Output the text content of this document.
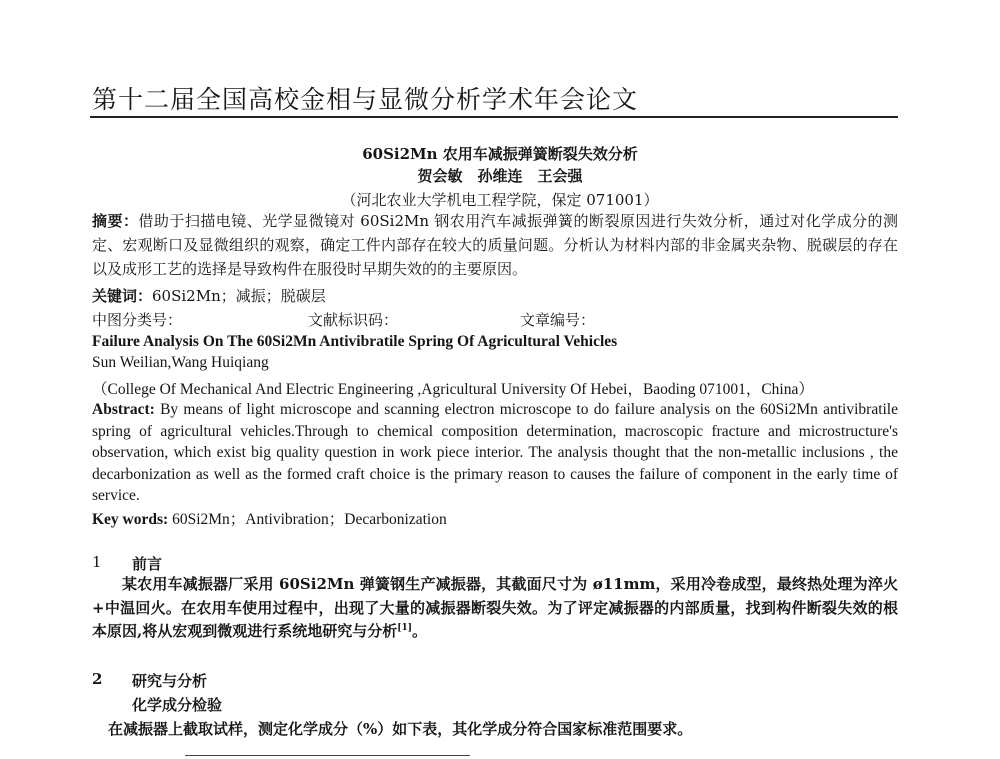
第十二届全国高校金相与显微分析学术年会论文
60Si2Mn 农用车减振弹簧断裂失效分析
贺会敏　孙维连　王会强
（河北农业大学机电工程学院，保定 071001）
摘要：借助于扫描电镜、光学显微镜对 60Si2Mn 钢农用汽车减振弹簧的断裂原因进行失效分析，通过对化学成分的测定、宏观断口及显微组织的观察，确定工件内部存在较大的质量问题。分析认为材料内部的非金属夹杂物、脱碳层的存在以及成形工艺的选择是导致构件在服役时早期失效的的主要原因。
关键词：60Si2Mn；减振；脱碳层
中图分类号：	文献标识码：	文章编号：
Failure Analysis On The 60Si2Mn Antivibratile Spring Of Agricultural Vehicles
Sun Weilian,Wang Huiqiang
（College Of Mechanical And Electric Engineering ,Agricultural University Of Hebei，Baoding 071001，China）
Abstract: By means of light microscope and scanning electron microscope to do failure analysis on the 60Si2Mn antivibratile spring of agricultural vehicles.Through to chemical composition determination, macroscopic fracture and microstructure's observation, which exist big quality question in work piece interior. The analysis thought that the non-metallic inclusions , the decarbonization as well as the formed craft choice is the primary reason to causes the failure of component in the early time of service.
Key words: 60Si2Mn；Antivibration；Decarbonization
1 前言
某农用车减振器厂采用 60Si2Mn 弹簧钢生产减振器，其截面尺寸为 ø11mm，采用冷卷成型，最终热处理为淬火+中温回火。在农用车使用过程中，出现了大量的减振器断裂失效。为了评定减振器的内部质量，找到构件断裂失效的根本原因,将从宏观到微观进行系统地研究与分析[1]。
2 研究与分析
化学成分检验
在减振器上截取试样，测定化学成分（%）如下表，其化学成分符合国家标准范围要求。
